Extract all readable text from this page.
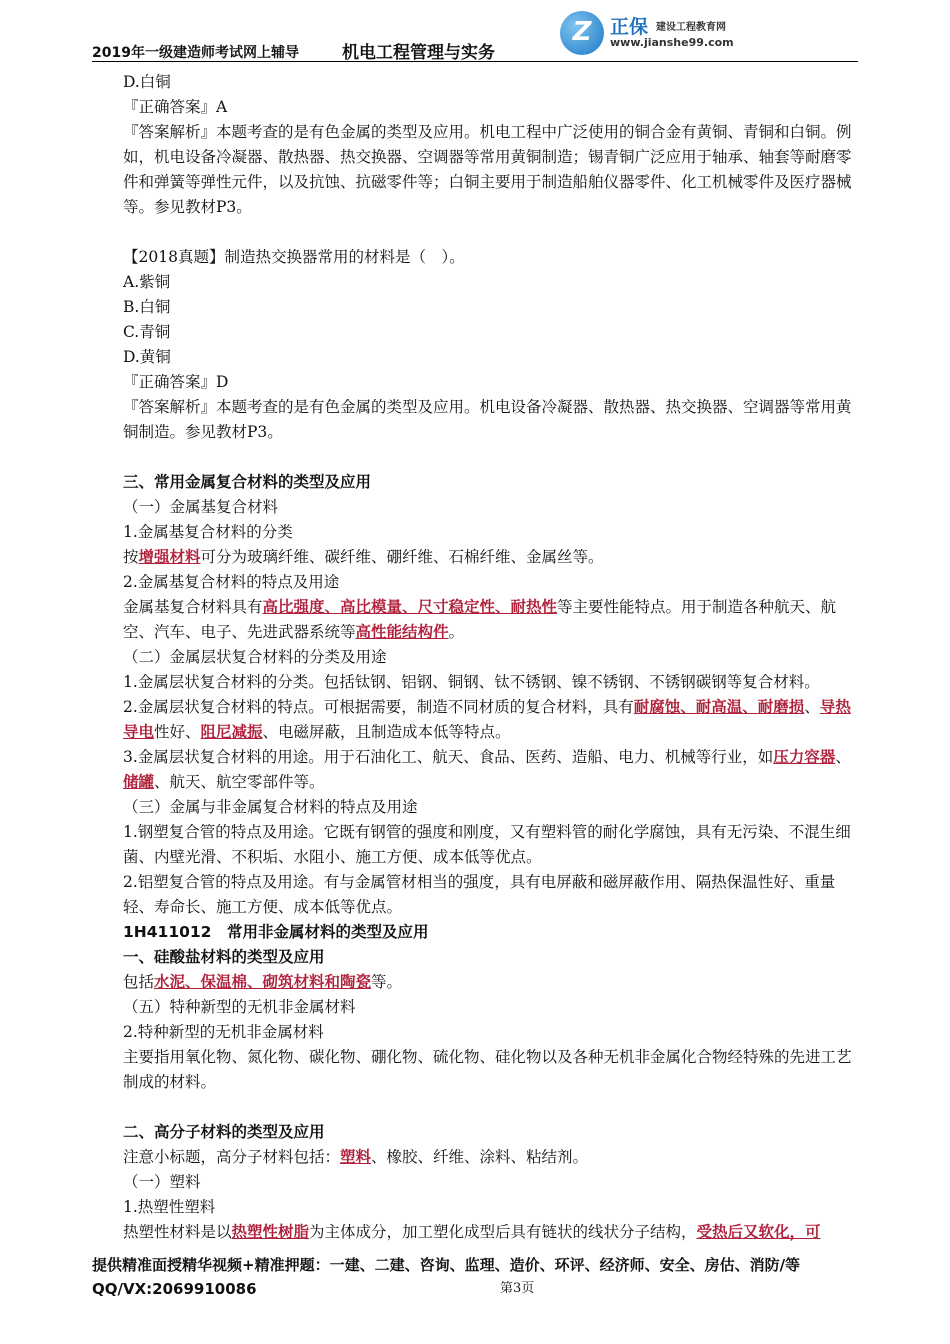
2019年一级建造师考试网上辅导	机电工程管理与实务
Z 正保 建设工程教育网
www.jianshe99.com

D.白铜

『正确答案』A

『答案解析』本题考查的是有色金属的类型及应用。机电工程中广泛使用的铜合金有黄铜、青铜和白铜。例如，机电设备冷凝器、散热器、热交换器、空调器等常用黄铜制造；锡青铜广泛应用于轴承、轴套等耐磨零件和弹簧等弹性元件，以及抗蚀、抗磁零件等；白铜主要用于制造船舶仪器零件、化工机械零件及医疗器械等。参见教材P3。

【2018真题】制造热交换器常用的材料是（　）。

A.紫铜

B.白铜

C.青铜

D.黄铜

『正确答案』D

『答案解析』本题考查的是有色金属的类型及应用。机电设备冷凝器、散热器、热交换器、空调器等常用黄铜制造。参见教材P3。

三、常用金属复合材料的类型及应用

（一）金属基复合材料

1.金属基复合材料的分类

按增强材料可分为玻璃纤维、碳纤维、硼纤维、石棉纤维、金属丝等。

2.金属基复合材料的特点及用途

金属基复合材料具有高比强度、高比模量、尺寸稳定性、耐热性等主要性能特点。用于制造各种航天、航空、汽车、电子、先进武器系统等高性能结构件。

（二）金属层状复合材料的分类及用途

1.金属层状复合材料的分类。包括钛钢、铝钢、铜钢、钛不锈钢、镍不锈钢、不锈钢碳钢等复合材料。

2.金属层状复合材料的特点。可根据需要，制造不同材质的复合材料，具有耐腐蚀、耐高温、耐磨损、导热导电性好、阻尼减振、电磁屏蔽，且制造成本低等特点。

3.金属层状复合材料的用途。用于石油化工、航天、食品、医药、造船、电力、机械等行业，如压力容器、储罐、航天、航空零部件等。

（三）金属与非金属复合材料的特点及用途

1.钢塑复合管的特点及用途。它既有钢管的强度和刚度，又有塑料管的耐化学腐蚀，具有无污染、不混生细菌、内壁光滑、不积垢、水阻小、施工方便、成本低等优点。

2.铝塑复合管的特点及用途。有与金属管材相当的强度，具有电屏蔽和磁屏蔽作用、隔热保温性好、重量轻、寿命长、施工方便、成本低等优点。

1H411012　常用非金属材料的类型及应用

一、硅酸盐材料的类型及应用

包括水泥、保温棉、砌筑材料和陶瓷等。

（五）特种新型的无机非金属材料

2.特种新型的无机非金属材料

主要指用氧化物、氮化物、碳化物、硼化物、硫化物、硅化物以及各种无机非金属化合物经特殊的先进工艺制成的材料。

二、高分子材料的类型及应用

注意小标题，高分子材料包括：塑料、橡胶、纤维、涂料、粘结剂。

（一）塑料

1.热塑性塑料

热塑性材料是以热塑性树脂为主体成分，加工塑化成型后具有链状的线状分子结构，受热后又软化，可

提供精准面授精华视频+精准押题：一建、二建、咨询、监理、造价、环评、经济师、安全、房估、消防/等
QQ/VX:2069910086	第3页
